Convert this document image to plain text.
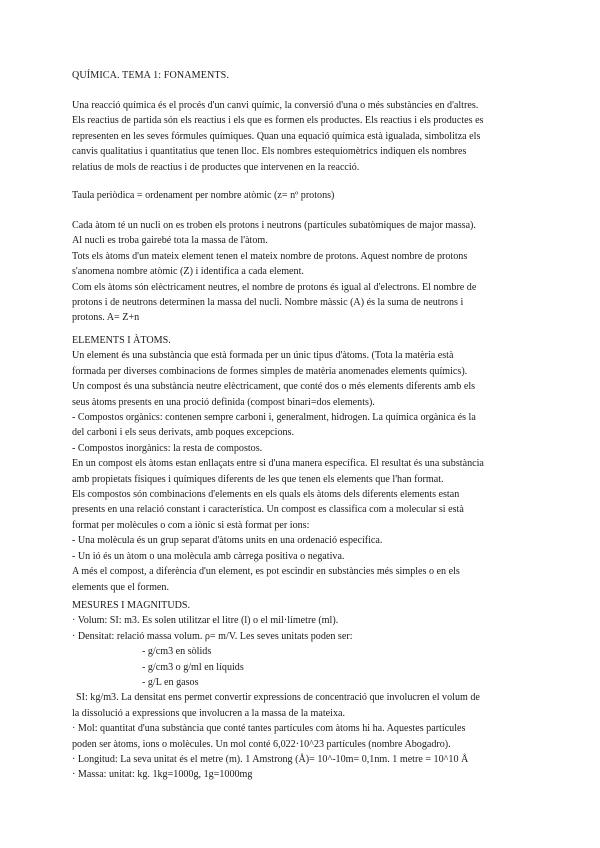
QUÍMICA. TEMA 1: FONAMENTS.

Una reacció química és el procés d'un canvi químic, la conversió d'una o més substàncies en d'altres.

Els reactius de partida són els reactius i els que es formen els productes. Els reactius i els productes es

representen en les seves fórmules químiques. Quan una equació química està igualada, simbolitza els

canvis qualitatius i quantitatius que tenen lloc. Els nombres estequiomètrics indiquen els nombres

relatius de mols de reactius i de productes que intervenen en la reacció.

Taula periòdica = ordenament per nombre atòmic (z= nº protons)

Cada àtom té un nucli on es troben els protons i neutrons (partícules subatòmiques de major massa).

Al nucli es troba gairebé tota la massa de l'àtom.

Tots els àtoms d'un mateix element tenen el mateix nombre de protons. Aquest nombre de protons

s'anomena nombre atòmic (Z) i identifica a cada element.

Com els àtoms són elèctricament neutres, el nombre de protons és igual al d'electrons. El nombre de

protons i de neutrons determinen la massa del nucli. Nombre màssic (A) és la suma de neutrons i

protons. A= Z+n

ELEMENTS I ÀTOMS.

Un element és una substància que està formada per un únic tipus d'àtoms. (Tota la matèria està

formada per diverses combinacions de formes simples de matèria anomenades elements químics).

Un compost és una substància neutre elèctricament, que conté dos o més elements diferents amb els

seus àtoms presents en una proció definida (compost binari=dos elements).

- Compostos orgànics: contenen sempre carboni i, generalment, hidrogen. La química orgànica és la

del carboni i els seus derivats, amb poques excepcions.

- Compostos inorgànics: la resta de compostos.

En un compost els àtoms estan enllaçats entre si d'una manera específica. El resultat és una substància

amb propietats físiques i químiques diferents de les que tenen els elements que l'han format.

Els compostos són combinacions d'elements en els quals els àtoms dels diferents elements estan

presents en una relació constant i característica. Un compost es classifica com a molecular si està

format per molècules o com a iònic si està format per ions:

- Una molècula és un grup separat d'àtoms units en una ordenació específica.

- Un ió és un àtom o una molècula amb càrrega positiva o negativa.

A més el compost, a diferència d'un element, es pot escindir en substàncies més simples o en els

elements que el formen.

MESURES I MAGNITUDS.

· Volum: SI: m3. Es solen utilitzar el litre (l) o el mil·límetre (ml).

· Densitat: relació massa volum. ρ= m/V. Les seves unitats poden ser:

- g/cm3 en sòlids

- g/cm3 o g/ml en líquids

- g/L en gasos

SI: kg/m3. La densitat ens permet convertir expressions de concentració que involucren el volum de

la dissolució a expressions que involucren a la massa de la mateixa.

· Mol: quantitat d'una substància que conté tantes partícules com àtoms hi ha. Aquestes partícules

poden ser àtoms, ions o molècules. Un mol conté 6,022·10^23 partícules (nombre Abogadro).

· Longitud: La seva unitat és el metre (m). 1 Amstrong (Å)= 10^-10m= 0,1nm. 1 metre = 10^10 Å

· Massa: unitat: kg. 1kg=1000g, 1g=1000mg
